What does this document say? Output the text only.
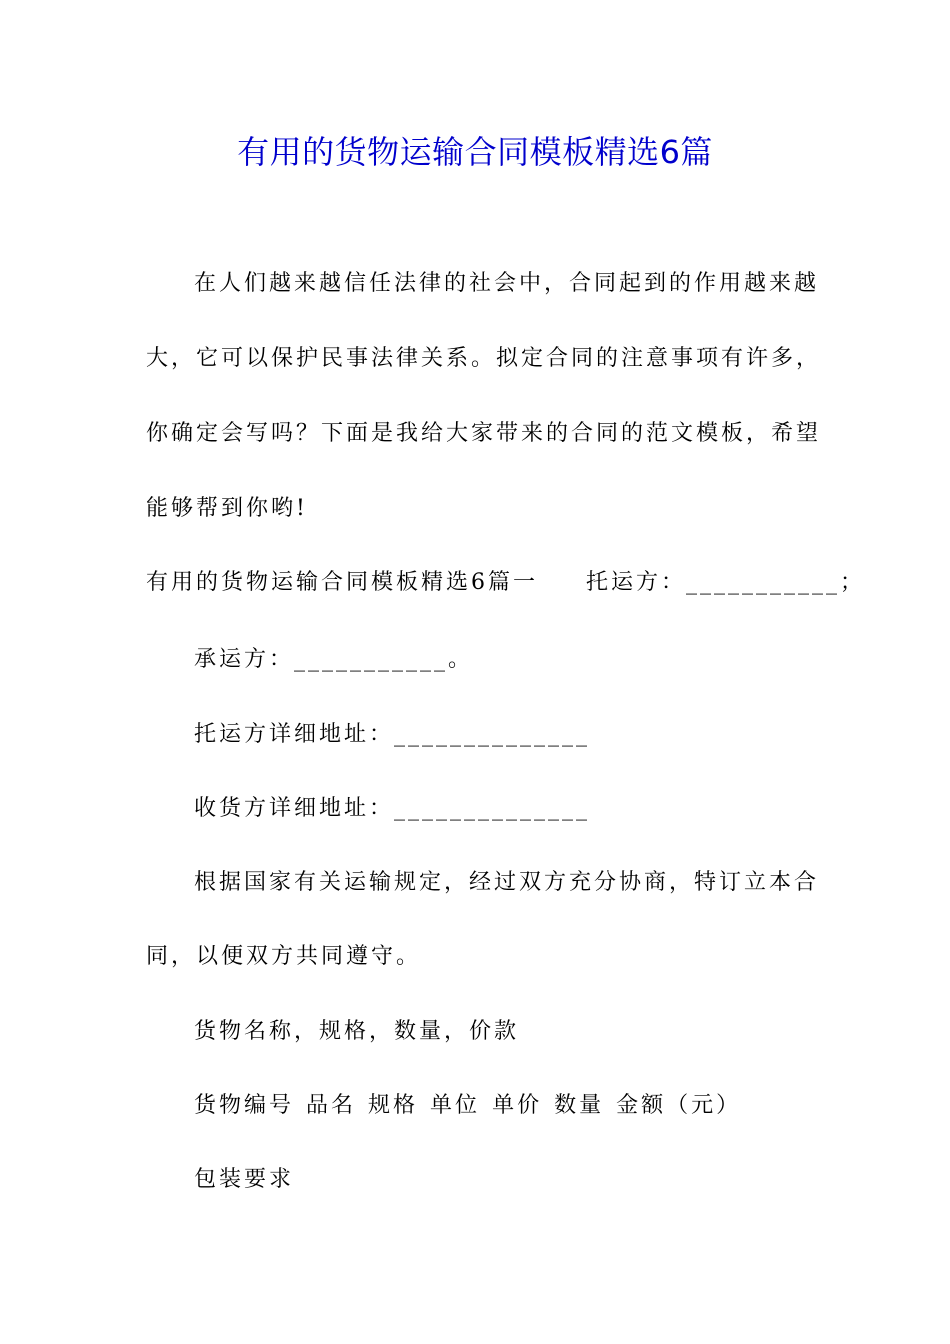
有用的货物运输合同模板精选6篇
在人们越来越信任法律的社会中，合同起到的作用越来越
大，它可以保护民事法律关系。拟定合同的注意事项有许多，
你确定会写吗？下面是我给大家带来的合同的范文模板，希望
能够帮到你哟!
有用的货物运输合同模板精选6篇一 托运方：___________；
承运方：___________。
托运方详细地址：______________
收货方详细地址：______________
根据国家有关运输规定，经过双方充分协商，特订立本合
同，以便双方共同遵守。
货物名称，规格，数量，价款
货物编号 品名 规格 单位 单价 数量 金额（元）
包装要求
